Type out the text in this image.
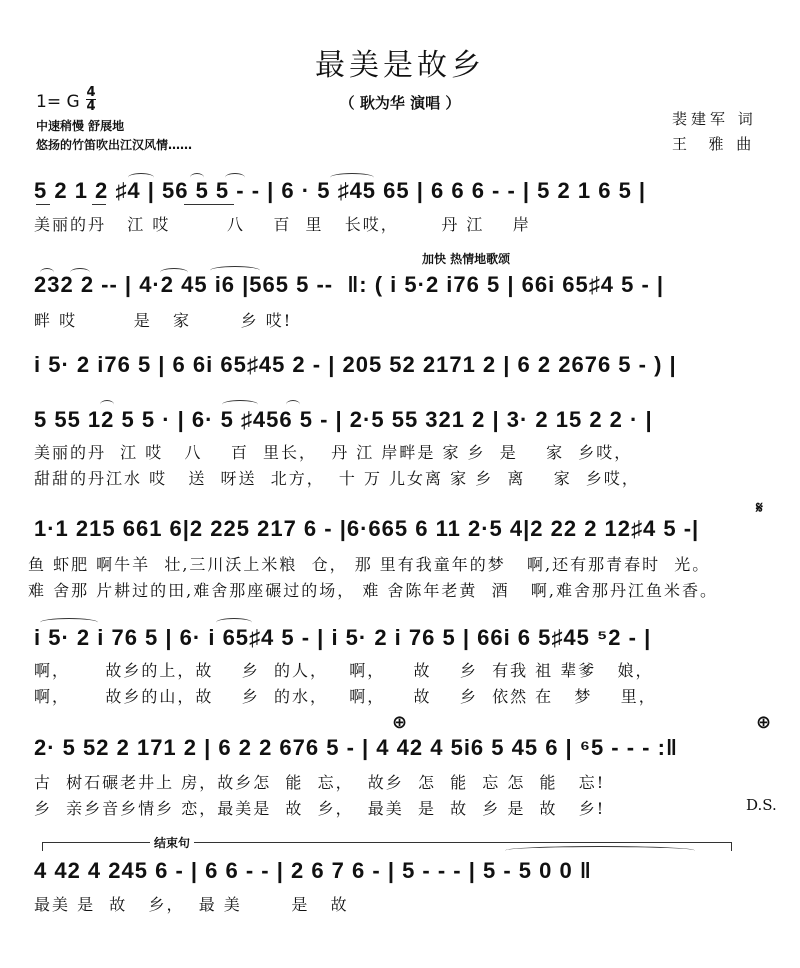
最美是故乡
（ 耿为华 演唱 ）
1= G 4
4
中速稍慢 舒展地
悠扬的竹笛吹出江汉风情……
裴建军 词
王  雅 曲
5 2 1 2 ♯4 | 56 5 5 - - | 6 · 5 ♯45 65 | 6 6 6 - - | 5 2 1 6 5 |
美丽的丹   江 哎        八    百  里   长哎，      丹 江    岸
加快 热情地歌颂
232 2 -- | 4·2 45 i6 |565 5 --  ‖: ( i 5·2 i76 5 | 66i 65♯4 5 - |
畔 哎        是   家       乡 哎!
i 5· 2 i76 5 | 6 6i 65♯45 2 - | 205 52 2171 2 | 6 2 2676 5 - ) |
5 55 12 5 5 · | 6· 5 ♯456 5 - | 2·5 55 321 2 | 3· 2 15 2 2 · |
美丽的丹  江 哎   八    百  里长，  丹 江 岸畔是 家 乡  是    家  乡哎，
甜甜的丹江水 哎   送  呀送  北方，  十 万 儿女离 家 乡  离    家  乡哎，
𝄋
1·1 215 661 6|2 225 217 6 - |6·665 6 11 2·5 4|2 22 2 12♯4 5 -|
鱼 虾肥 啊牛羊  壮,三川沃上米粮  仓， 那 里有我童年的梦   啊,还有那青春时  光。
难 舍那 片耕过的田,难舍那座碾过的场， 难 舍陈年老黄  酒   啊,难舍那丹江鱼米香。
i 5· 2 i 76 5 | 6· i 65♯4 5 - | i 5· 2 i 76 5 | 66i 6 5♯45 ⁵2 - |
啊，     故乡的上，故    乡  的人，   啊，    故    乡  有我 祖 辈爹   娘，
啊，     故乡的山，故    乡  的水，   啊，    故    乡  依然 在   梦    里，
⊕	⊕
2· 5 52 2 171 2 | 6 2 2 676 5 - | 4 42 4 5i6 5 45 6 | ⁶5 - - - :‖
古  树石碾老井上 房，故乡怎  能  忘，  故乡  怎  能  忘 怎  能   忘!
乡  亲乡音乡情乡 恋，最美是  故  乡，  最美  是  故  乡 是  故   乡!	D.S.
结束句
4 42 4 245 6 - | 6 6 - - | 2 6 7 6 - | 5 - - - | 5 - 5 0 0 ‖
最美 是  故   乡，  最 美       是   故
